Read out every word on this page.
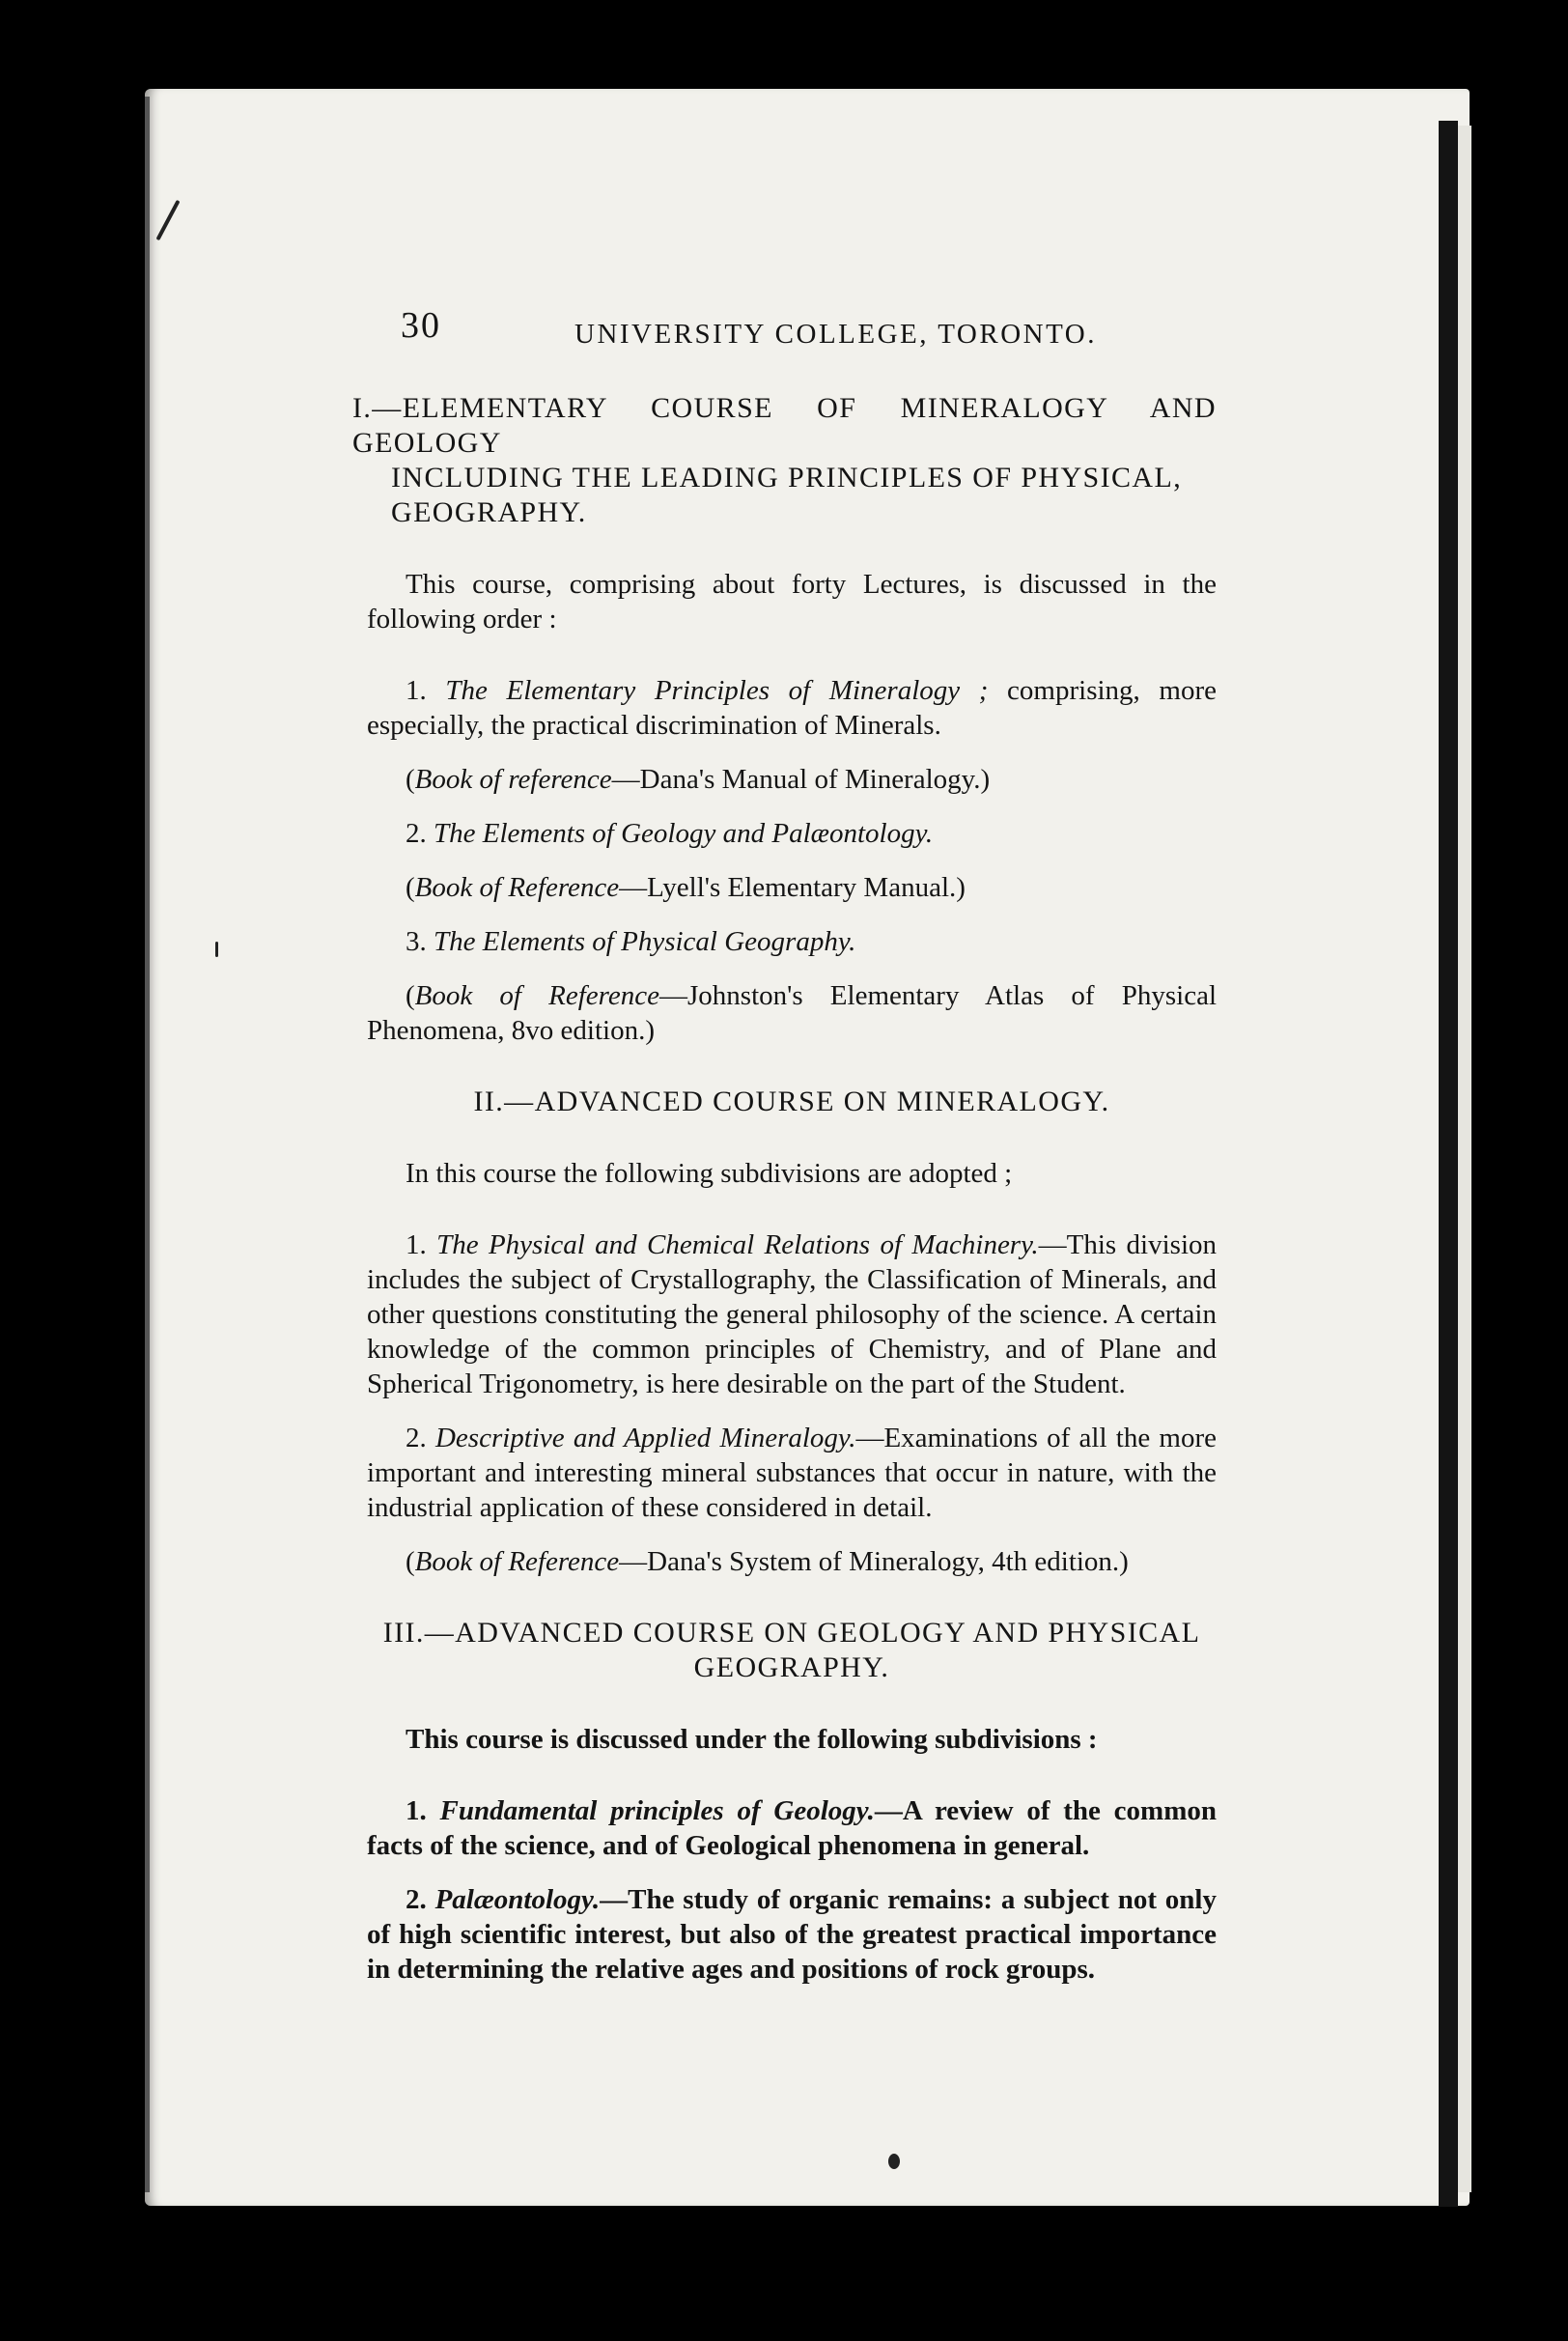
30	UNIVERSITY COLLEGE, TORONTO.

I.—ELEMENTARY COURSE OF MINERALOGY AND GEOLOGY
INCLUDING THE LEADING PRINCIPLES OF PHYSICAL,
GEOGRAPHY.

This course, comprising about forty Lectures, is discussed in the following order :

1. The Elementary Principles of Mineralogy ; comprising, more especially, the practical discrimination of Minerals.

(Book of reference—Dana's Manual of Mineralogy.)

2. The Elements of Geology and Palæontology.

(Book of Reference—Lyell's Elementary Manual.)

3. The Elements of Physical Geography.

(Book of Reference—Johnston's Elementary Atlas of Physical Phenomena, 8vo edition.)

II.—ADVANCED COURSE ON MINERALOGY.

In this course the following subdivisions are adopted ;

1. The Physical and Chemical Relations of Machinery.—This division includes the subject of Crystallography, the Classification of Minerals, and other questions constituting the general philosophy of the science. A certain knowledge of the common principles of Chemistry, and of Plane and Spherical Trigonometry, is here desirable on the part of the Student.

2. Descriptive and Applied Mineralogy.—Examinations of all the more important and interesting mineral substances that occur in nature, with the industrial application of these considered in detail.

(Book of Reference—Dana's System of Mineralogy, 4th edition.)

III.—ADVANCED COURSE ON GEOLOGY AND PHYSICAL
GEOGRAPHY.

This course is discussed under the following subdivisions :

1. Fundamental principles of Geology.—A review of the common facts of the science, and of Geological phenomena in general.

2. Palæontology.—The study of organic remains: a subject not only of high scientific interest, but also of the greatest practical importance in determining the relative ages and positions of rock groups.
